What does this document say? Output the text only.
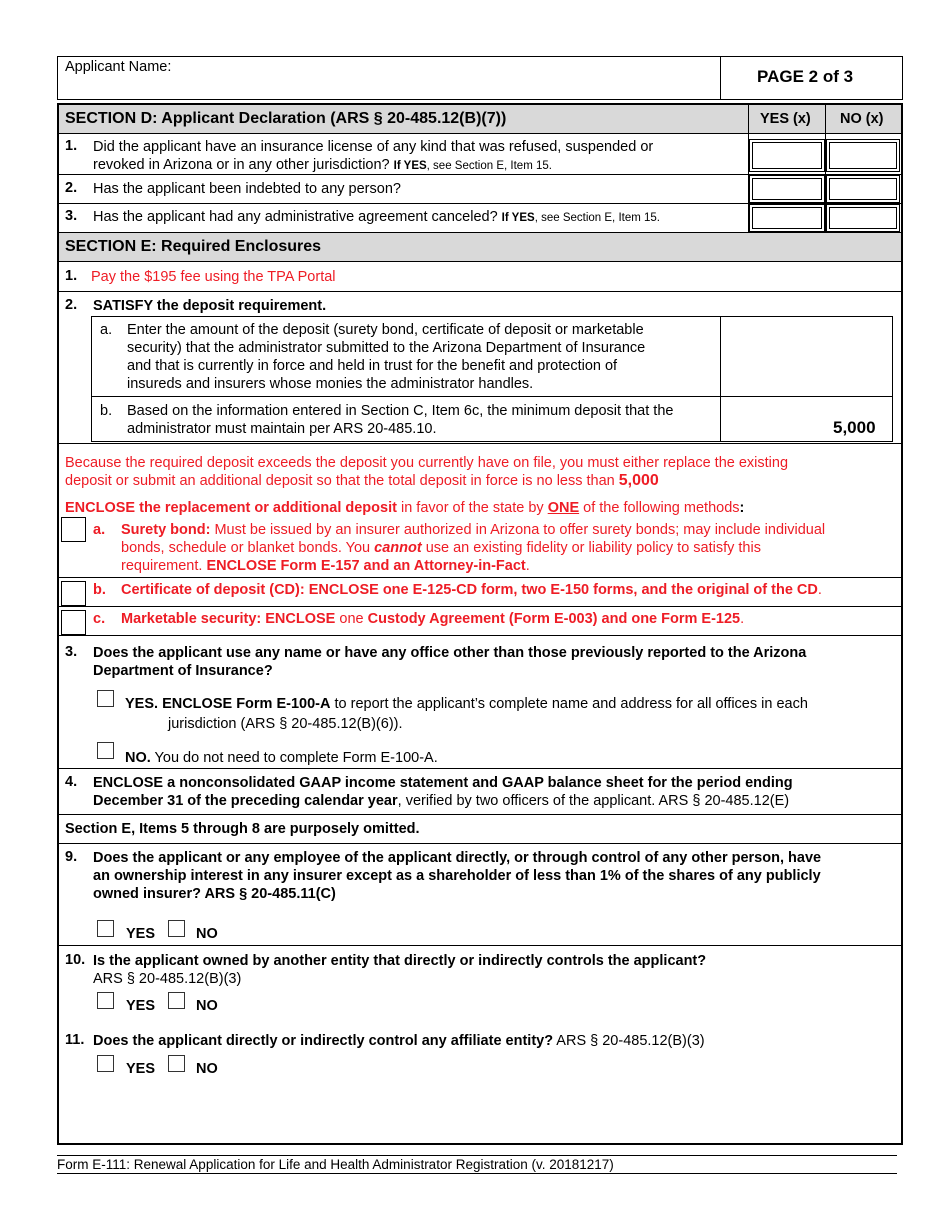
Applicant Name:	PAGE 2 of 3
SECTION D: Applicant Declaration (ARS § 20-485.12(B)(7))	YES (x) NO (x)
1. Did the applicant have an insurance license of any kind that was refused, suspended or
revoked in Arizona or in any other jurisdiction? If YES, see Section E, Item 15.
2. Has the applicant been indebted to any person?
3. Has the applicant had any administrative agreement canceled? If YES, see Section E, Item 15.
SECTION E: Required Enclosures
1. Pay the $195 fee using the TPA Portal
2. SATISFY the deposit requirement.
a. Enter the amount of the deposit (surety bond, certificate of deposit or marketable
security) that the administrator submitted to the Arizona Department of Insurance
and that is currently in force and held in trust for the benefit and protection of
insureds and insurers whose monies the administrator handles.
b. Based on the information entered in Section C, Item 6c, the minimum deposit that the
administrator must maintain per ARS 20-485.10.	5,000
Because the required deposit exceeds the deposit you currently have on file, you must either replace the existing
deposit or submit an additional deposit so that the total deposit in force is no less than 5,000
ENCLOSE the replacement or additional deposit in favor of the state by ONE of the following methods:
a. Surety bond: Must be issued by an insurer authorized in Arizona to offer surety bonds; may include individual
bonds, schedule or blanket bonds. You cannot use an existing fidelity or liability policy to satisfy this
requirement. ENCLOSE Form E-157 and an Attorney-in-Fact.
b. Certificate of deposit (CD): ENCLOSE one E-125-CD form, two E-150 forms, and the original of the CD.
c. Marketable security: ENCLOSE one Custody Agreement (Form E-003) and one Form E-125.
3. Does the applicant use any name or have any office other than those previously reported to the Arizona
Department of Insurance?
YES. ENCLOSE Form E-100-A to report the applicant’s complete name and address for all offices in each
jurisdiction (ARS § 20-485.12(B)(6)).
NO. You do not need to complete Form E-100-A.
4. ENCLOSE a nonconsolidated GAAP income statement and GAAP balance sheet for the period ending
December 31 of the preceding calendar year, verified by two officers of the applicant. ARS § 20-485.12(E)
Section E, Items 5 through 8 are purposely omitted.
9. Does the applicant or any employee of the applicant directly, or through control of any other person, have
an ownership interest in any insurer except as a shareholder of less than 1% of the shares of any publicly
owned insurer? ARS § 20-485.11(C)
YES	NO
10. Is the applicant owned by another entity that directly or indirectly controls the applicant?
ARS § 20-485.12(B)(3)
YES	NO
11. Does the applicant directly or indirectly control any affiliate entity? ARS § 20-485.12(B)(3)
YES	NO
Form E-111: Renewal Application for Life and Health Administrator Registration (v. 20181217)
